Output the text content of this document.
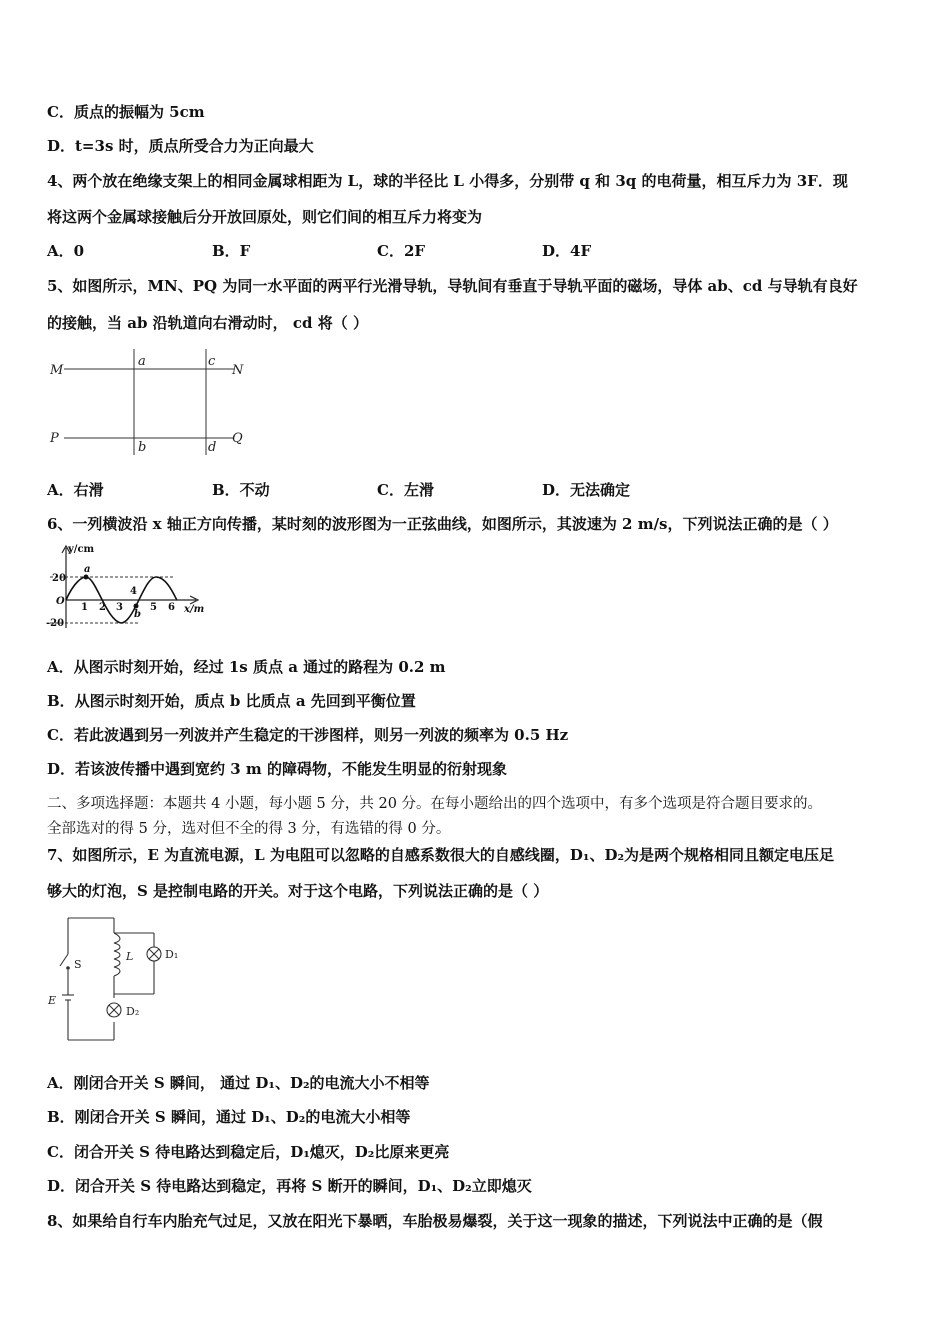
C．质点的振幅为 5cm
D．t=3s 时，质点所受合力为正向最大
4、两个放在绝缘支架上的相同金属球相距为 L，球的半径比 L 小得多，分别带 q 和 3q 的电荷量，相互斥力为 3F．现
将这两个金属球接触后分开放回原处，则它们间的相互斥力将变为
A．0	B．F	C．2F	D．4F
5、如图所示，MN、PQ 为同一水平面的两平行光滑导轨，导轨间有垂直于导轨平面的磁场，导体 ab、cd 与导轨有良好
的接触，当 ab 沿轨道向右滑动时， cd 将（ ）
M	N
P	Q
a	c
b	d
A．右滑	B．不动	C．左滑	D．无法确定
6、一列横波沿 x 轴正方向传播，某时刻的波形图为一正弦曲线，如图所示，其波速为 2 m/s，下列说法正确的是（ ）
y/cm
x/m
20
-20
O
1 2 3
4
5 6
a
b
A．从图示时刻开始，经过 1s 质点 a 通过的路程为 0.2 m
B．从图示时刻开始，质点 b 比质点 a 先回到平衡位置
C．若此波遇到另一列波并产生稳定的干涉图样，则另一列波的频率为 0.5 Hz
D．若该波传播中遇到宽约 3 m 的障碍物，不能发生明显的衍射现象
二、多项选择题：本题共 4 小题，每小题 5 分，共 20 分。在每小题给出的四个选项中，有多个选项是符合题目要求的。
全部选对的得 5 分，选对但不全的得 3 分，有选错的得 0 分。
7、如图所示，E 为直流电源，L 为电阻可以忽略的自感系数很大的自感线圈，D₁、D₂为是两个规格相同且额定电压足
够大的灯泡，S 是控制电路的开关。对于这个电路，下列说法正确的是（ ）
S
L
E
D₁
D₂
A．刚闭合开关 S 瞬间， 通过 D₁、D₂的电流大小不相等
B．刚闭合开关 S 瞬间，通过 D₁、D₂的电流大小相等
C．闭合开关 S 待电路达到稳定后，D₁熄灭，D₂比原来更亮
D．闭合开关 S 待电路达到稳定，再将 S 断开的瞬间，D₁、D₂立即熄灭
8、如果给自行车内胎充气过足，又放在阳光下暴晒，车胎极易爆裂，关于这一现象的描述，下列说法中正确的是（假
